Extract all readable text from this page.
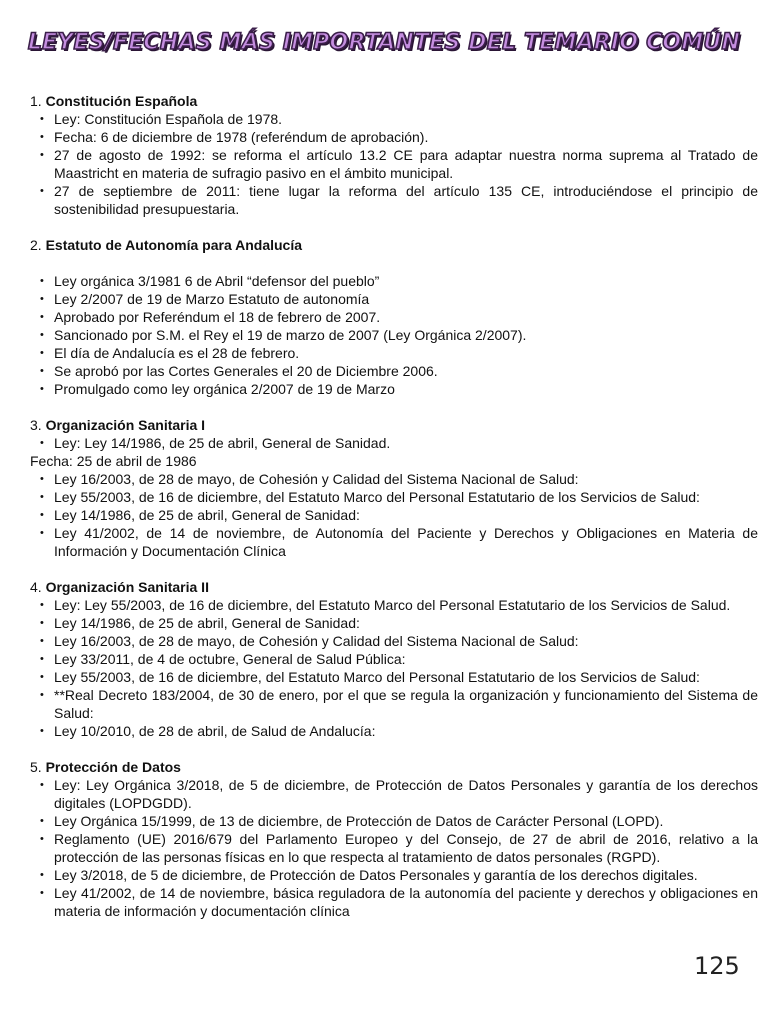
LEYES/FECHAS MÁS IMPORTANTES DEL TEMARIO COMÚN

1. Constitución Española

• Ley: Constitución Española de 1978.
• Fecha: 6 de diciembre de 1978 (referéndum de aprobación).
• 27 de agosto de 1992: se reforma el artículo 13.2 CE para adaptar nuestra norma suprema al Tratado de Maastricht en materia de sufragio pasivo en el ámbito municipal.
• 27 de septiembre de 2011: tiene lugar la reforma del artículo 135 CE, introduciéndose el principio de sostenibilidad presupuestaria.

2. Estatuto de Autonomía para Andalucía

• Ley orgánica 3/1981 6 de Abril “defensor del pueblo”
• Ley 2/2007 de 19 de Marzo Estatuto de autonomía
• Aprobado por Referéndum el 18 de febrero de 2007.
• Sancionado por S.M. el Rey el 19 de marzo de 2007 (Ley Orgánica 2/2007).
• El día de Andalucía es el 28 de febrero.
• Se aprobó por las Cortes Generales el 20 de Diciembre 2006.
• Promulgado como ley orgánica 2/2007 de 19 de Marzo

3. Organización Sanitaria I

• Ley: Ley 14/1986, de 25 de abril, General de Sanidad.

Fecha: 25 de abril de 1986

• Ley 16/2003, de 28 de mayo, de Cohesión y Calidad del Sistema Nacional de Salud:
• Ley 55/2003, de 16 de diciembre, del Estatuto Marco del Personal Estatutario de los Servicios de Salud:
• Ley 14/1986, de 25 de abril, General de Sanidad:
• Ley 41/2002, de 14 de noviembre, de Autonomía del Paciente y Derechos y Obligaciones en Materia de Información y Documentación Clínica

4. Organización Sanitaria II

• Ley: Ley 55/2003, de 16 de diciembre, del Estatuto Marco del Personal Estatutario de los Servicios de Salud.
• Ley 14/1986, de 25 de abril, General de Sanidad:
• Ley 16/2003, de 28 de mayo, de Cohesión y Calidad del Sistema Nacional de Salud:
• Ley 33/2011, de 4 de octubre, General de Salud Pública:
• Ley 55/2003, de 16 de diciembre, del Estatuto Marco del Personal Estatutario de los Servicios de Salud:
• **Real Decreto 183/2004, de 30 de enero, por el que se regula la organización y funcionamiento del Sistema de Salud:
• Ley 10/2010, de 28 de abril, de Salud de Andalucía:

5. Protección de Datos

• Ley: Ley Orgánica 3/2018, de 5 de diciembre, de Protección de Datos Personales y garantía de los derechos digitales (LOPDGDD).
• Ley Orgánica 15/1999, de 13 de diciembre, de Protección de Datos de Carácter Personal (LOPD).
• Reglamento (UE) 2016/679 del Parlamento Europeo y del Consejo, de 27 de abril de 2016, relativo a la protección de las personas físicas en lo que respecta al tratamiento de datos personales (RGPD).
• Ley 3/2018, de 5 de diciembre, de Protección de Datos Personales y garantía de los derechos digitales.
• Ley 41/2002, de 14 de noviembre, básica reguladora de la autonomía del paciente y derechos y obligaciones en materia de información y documentación clínica
125
